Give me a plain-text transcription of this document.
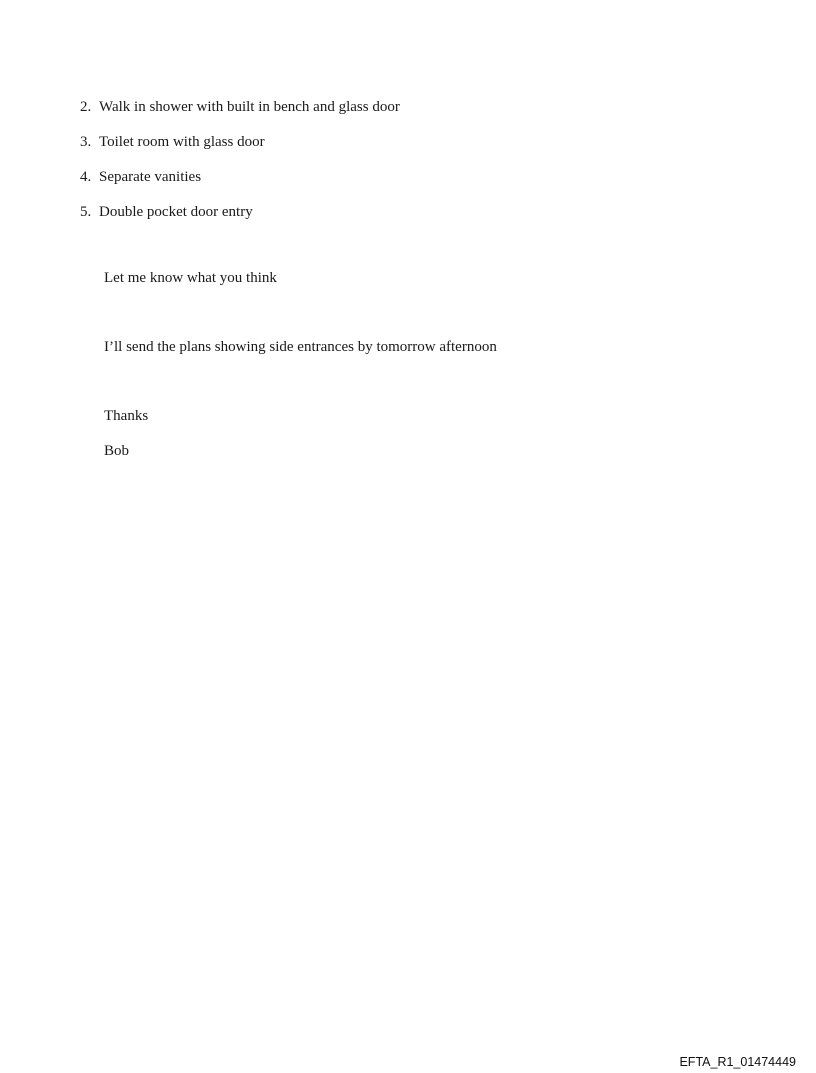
2. Walk in shower with built in bench and glass door
3. Toilet room with glass door
4. Separate vanities
5. Double pocket door entry

Let me know what you think

I’ll send the plans showing side entrances by tomorrow afternoon

Thanks

Bob

EFTA_R1_01474449
